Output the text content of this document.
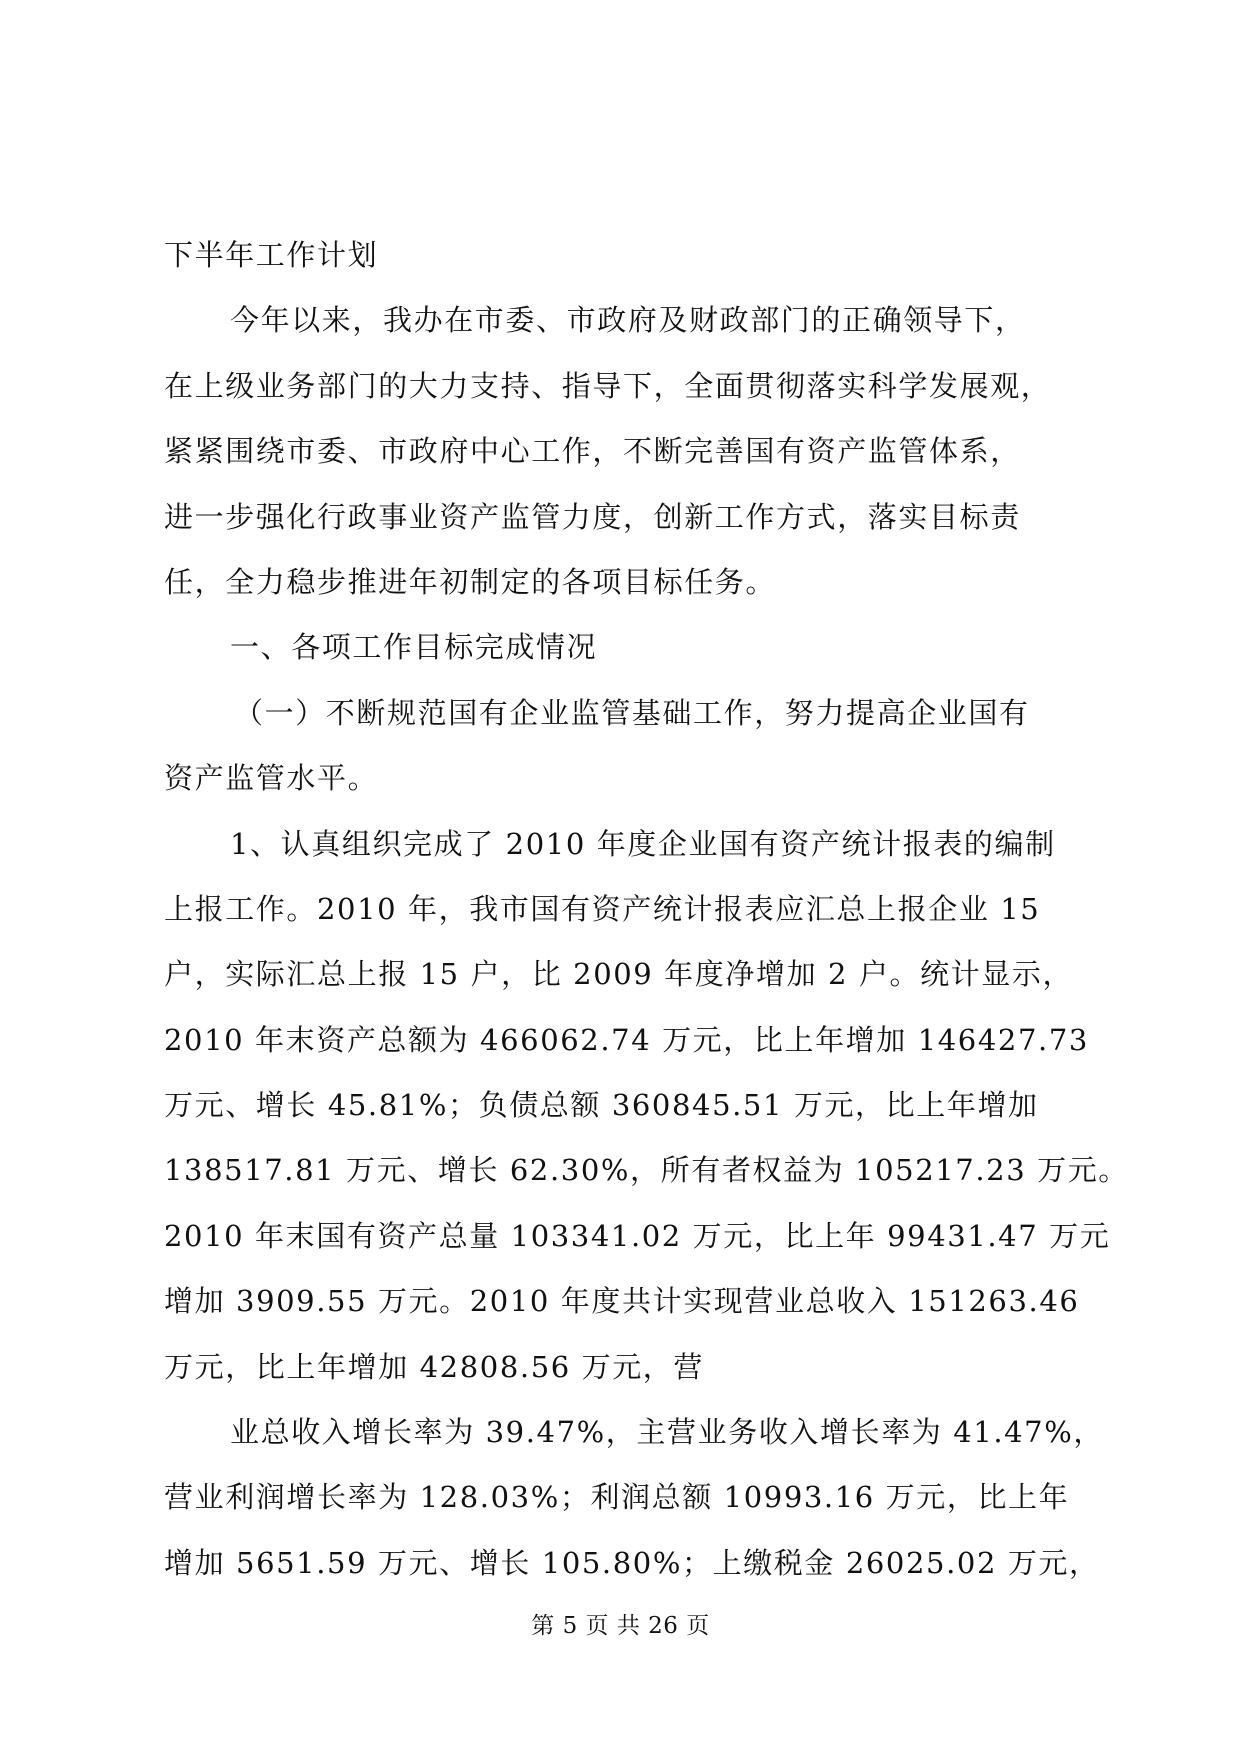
下半年工作计划
今年以来，我办在市委、市政府及财政部门的正确领导下，
在上级业务部门的大力支持、指导下，全面贯彻落实科学发展观，
紧紧围绕市委、市政府中心工作，不断完善国有资产监管体系，
进一步强化行政事业资产监管力度，创新工作方式，落实目标责
任，全力稳步推进年初制定的各项目标任务。
一、各项工作目标完成情况
（一）不断规范国有企业监管基础工作，努力提高企业国有
资产监管水平。
1、认真组织完成了 2010 年度企业国有资产统计报表的编制
上报工作。2010 年，我市国有资产统计报表应汇总上报企业 15
户，实际汇总上报 15 户，比 2009 年度净增加 2 户。统计显示，
2010 年末资产总额为 466062.74 万元，比上年增加 146427.73
万元、增长 45.81%；负债总额 360845.51 万元，比上年增加
138517.81 万元、增长 62.30%，所有者权益为 105217.23 万元。
2010 年末国有资产总量 103341.02 万元，比上年 99431.47 万元
增加 3909.55 万元。2010 年度共计实现营业总收入 151263.46
万元，比上年增加 42808.56 万元，营
业总收入增长率为 39.47%，主营业务收入增长率为 41.47%，
营业利润增长率为 128.03%；利润总额 10993.16 万元，比上年
增加 5651.59 万元、增长 105.80%；上缴税金 26025.02 万元，
第 5 页 共 26 页
